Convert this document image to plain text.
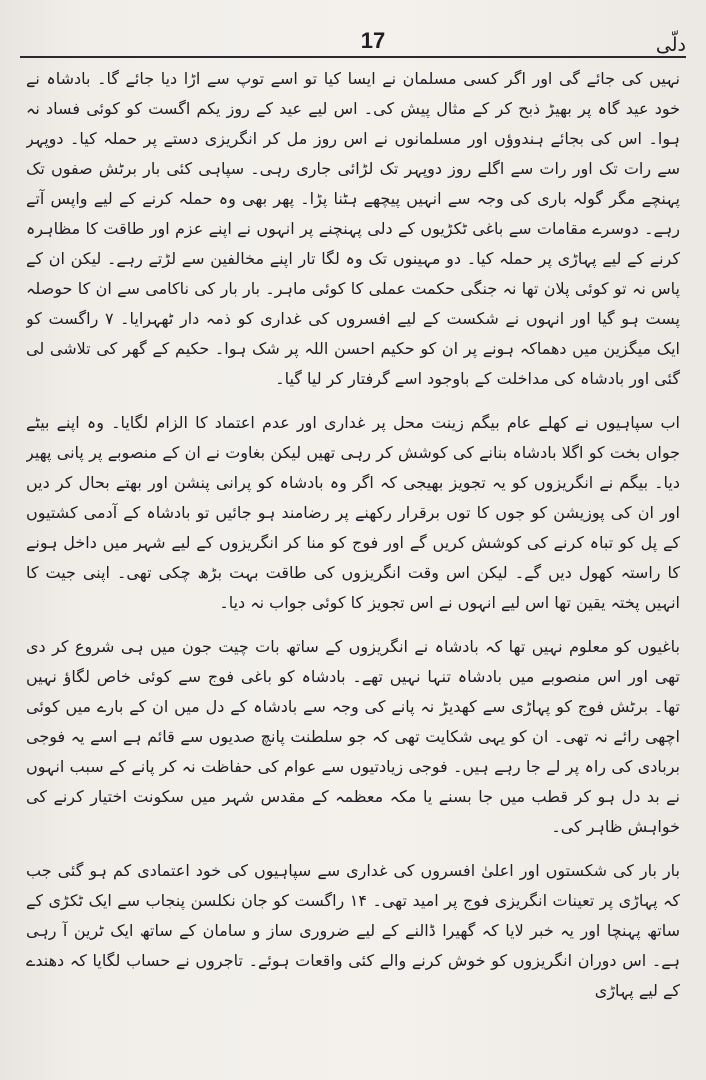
17	دلّی

نہیں کی جائے گی اور اگر کسی مسلمان نے ایسا کیا تو اسے توپ سے اڑا دیا جائے گا۔ بادشاہ نے خود عید گاہ پر بھیڑ ذبح کر کے مثال پیش کی۔ اس لیے عید کے روز یکم اگست کو کوئی فساد نہ ہوا۔ اس کی بجائے ہندوؤں اور مسلمانوں نے اس روز مل کر انگریزی دستے پر حملہ کیا۔ دوپہر سے رات تک اور رات سے اگلے روز دوپہر تک لڑائی جاری رہی۔ سپاہی کئی بار برٹش صفوں تک پہنچے مگر گولہ باری کی وجہ سے انہیں پیچھے ہٹنا پڑا۔ پھر بھی وہ حملہ کرنے کے لیے واپس آتے رہے۔ دوسرے مقامات سے باغی ٹکڑیوں کے دلی پہنچنے پر انہوں نے اپنے عزم اور طاقت کا مظاہرہ کرنے کے لیے پہاڑی پر حملہ کیا۔ دو مہینوں تک وہ لگا تار اپنے مخالفین سے لڑتے رہے۔ لیکن ان کے پاس نہ تو کوئی پلان تھا نہ جنگی حکمت عملی کا کوئی ماہر۔ بار بار کی ناکامی سے ان کا حوصلہ پست ہو گیا اور انہوں نے شکست کے لیے افسروں کی غداری کو ذمہ دار ٹھہرایا۔ ۷ راگست کو ایک میگزین میں دھماکہ ہونے پر ان کو حکیم احسن اللہ پر شک ہوا۔ حکیم کے گھر کی تلاشی لی گئی اور بادشاہ کی مداخلت کے باوجود اسے گرفتار کر لیا گیا۔

اب سپاہیوں نے کھلے عام بیگم زینت محل پر غداری اور عدم اعتماد کا الزام لگایا۔ وہ اپنے بیٹے جواں بخت کو اگلا بادشاہ بنانے کی کوشش کر رہی تھیں لیکن بغاوت نے ان کے منصوبے پر پانی پھیر دیا۔ بیگم نے انگریزوں کو یہ تجویز بھیجی کہ اگر وہ بادشاہ کو پرانی پنشن اور بھتے بحال کر دیں اور ان کی پوزیشن کو جوں کا توں برقرار رکھنے پر رضامند ہو جائیں تو بادشاہ کے آدمی کشتیوں کے پل کو تباہ کرنے کی کوشش کریں گے اور فوج کو منا کر انگریزوں کے لیے شہر میں داخل ہونے کا راستہ کھول دیں گے۔ لیکن اس وقت انگریزوں کی طاقت بہت بڑھ چکی تھی۔ اپنی جیت کا انہیں پختہ یقین تھا اس لیے انہوں نے اس تجویز کا کوئی جواب نہ دیا۔

باغیوں کو معلوم نہیں تھا کہ بادشاہ نے انگریزوں کے ساتھ بات چیت جون میں ہی شروع کر دی تھی اور اس منصوبے میں بادشاہ تنہا نہیں تھے۔ بادشاہ کو باغی فوج سے کوئی خاص لگاؤ نہیں تھا۔ برٹش فوج کو پہاڑی سے کھدیڑ نہ پانے کی وجہ سے بادشاہ کے دل میں ان کے بارے میں کوئی اچھی رائے نہ تھی۔ ان کو یہی شکایت تھی کہ جو سلطنت پانچ صدیوں سے قائم ہے اسے یہ فوجی بربادی کی راہ پر لے جا رہے ہیں۔ فوجی زیادتیوں سے عوام کی حفاظت نہ کر پانے کے سبب انہوں نے بد دل ہو کر قطب میں جا بسنے یا مکہ معظمہ کے مقدس شہر میں سکونت اختیار کرنے کی خواہش ظاہر کی۔

بار بار کی شکستوں اور اعلیٰ افسروں کی غداری سے سپاہیوں کی خود اعتمادی کم ہو گئی جب کہ پہاڑی پر تعینات انگریزی فوج پر امید تھی۔ ۱۴ راگست کو جان نکلسن پنجاب سے ایک ٹکڑی کے ساتھ پہنچا اور یہ خبر لایا کہ گھیرا ڈالنے کے لیے ضروری ساز و سامان کے ساتھ ایک ٹرین آ رہی ہے۔ اس دوران انگریزوں کو خوش کرنے والے کئی واقعات ہوئے۔ تاجروں نے حساب لگایا کہ دھندے کے لیے پہاڑی
